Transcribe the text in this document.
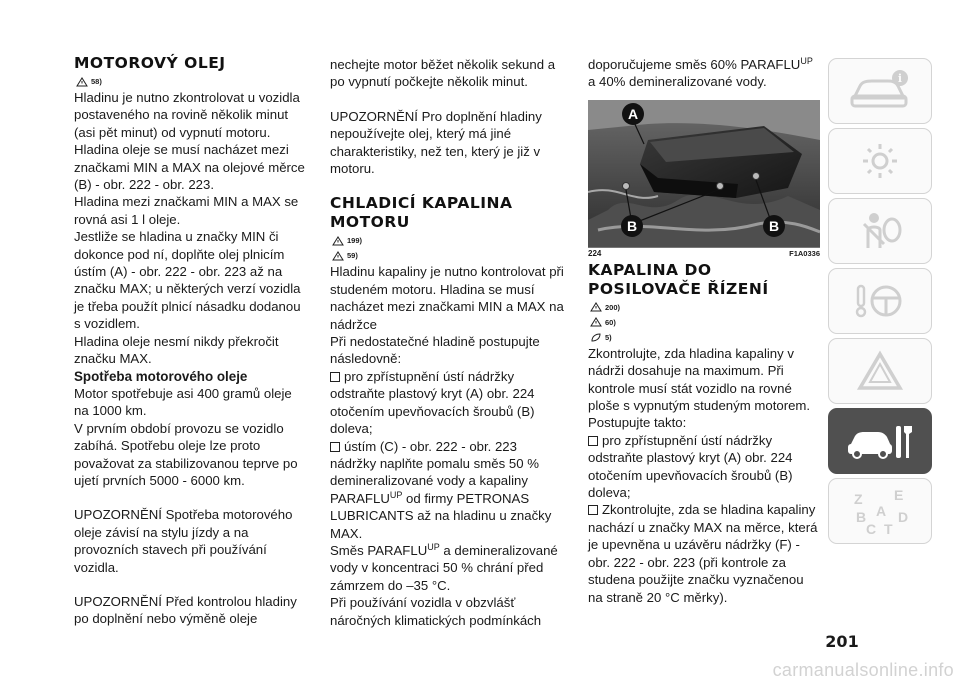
MOTOROVÝ OLEJ
58)

Hladinu je nutno zkontrolovat u vozidla postaveného na rovině několik minut (asi pět minut) od vypnutí motoru.

Hladina oleje se musí nacházet mezi značkami MIN a MAX na olejové měrce (B) - obr. 222 - obr. 223.

Hladina mezi značkami MIN a MAX se rovná asi 1 l oleje.

Jestliže se hladina u značky MIN či dokonce pod ní, doplňte olej plnicím ústím (A) - obr. 222 - obr. 223 až na značku MAX; u některých verzí vozidla je třeba použít plnicí násadku dodanou s vozidlem.

Hladina oleje nesmí nikdy překročit značku MAX.

Spotřeba motorového oleje

Motor spotřebuje asi 400 gramů oleje na 1000 km.

V prvním období provozu se vozidlo zabíhá. Spotřebu oleje lze proto považovat za stabilizovanou teprve po ujetí prvních 5000 - 6000 km.

UPOZORNĚNÍ Spotřeba motorového oleje závisí na stylu jízdy a na provozních stavech při používání vozidla.

UPOZORNĚNÍ Před kontrolou hladiny po doplnění nebo výměně oleje

nechejte motor běžet několik sekund a po vypnutí počkejte několik minut.

UPOZORNĚNÍ Pro doplnění hladiny nepoužívejte olej, který má jiné charakteristiky, než ten, který je již v motoru.

CHLADICÍ KAPALINA MOTORU
199)
59)

Hladinu kapaliny je nutno kontrolovat při studeném motoru. Hladina se musí nacházet mezi značkami MIN a MAX na nádržce

Při nedostatečné hladině postupujte následovně:

pro zpřístupnění ústí nádržky odstraňte plastový kryt (A) obr. 224 otočením upevňovacích šroubů (B) doleva;

ústím (C) - obr. 222 - obr. 223 nádržky naplňte pomalu směs 50 % demineralizované vody a kapaliny $PARAFLU^{UP}$ od firmy PETRONAS LUBRICANTS až na hladinu u značky MAX.

Směs $PARAFLU^{UP}$ a demineralizované vody v koncentraci 50 % chrání před zámrzem do –35 °C.

Při používání vozidla v obzvlášť náročných klimatických podmínkách

doporučujeme směs 60% $PARAFLU^{UP}$ a 40% demineralizované vody.

KAPALINA DO POSILOVAČE ŘÍZENÍ
200)
60)
5)

Zkontrolujte, zda hladina kapaliny v nádrži dosahuje na maximum. Při kontrole musí stát vozidlo na rovné ploše s vypnutým studeným motorem.

Postupujte takto:

pro zpřístupnění ústí nádržky odstraňte plastový kryt (A) obr. 224 otočením upevňovacích šroubů (B) doleva;

Zkontrolujte, zda se hladina kapaliny nachází u značky MAX na měrce, která je upevněna u uzávěru nádržky (F) - obr. 222 - obr. 223 (při kontrole za studena použijte značku vyznačenou na straně 20 °C měrky).

A
B	B
224	F1A0336
i
Z E
B A D
C T
201
carmanualsonline.info
